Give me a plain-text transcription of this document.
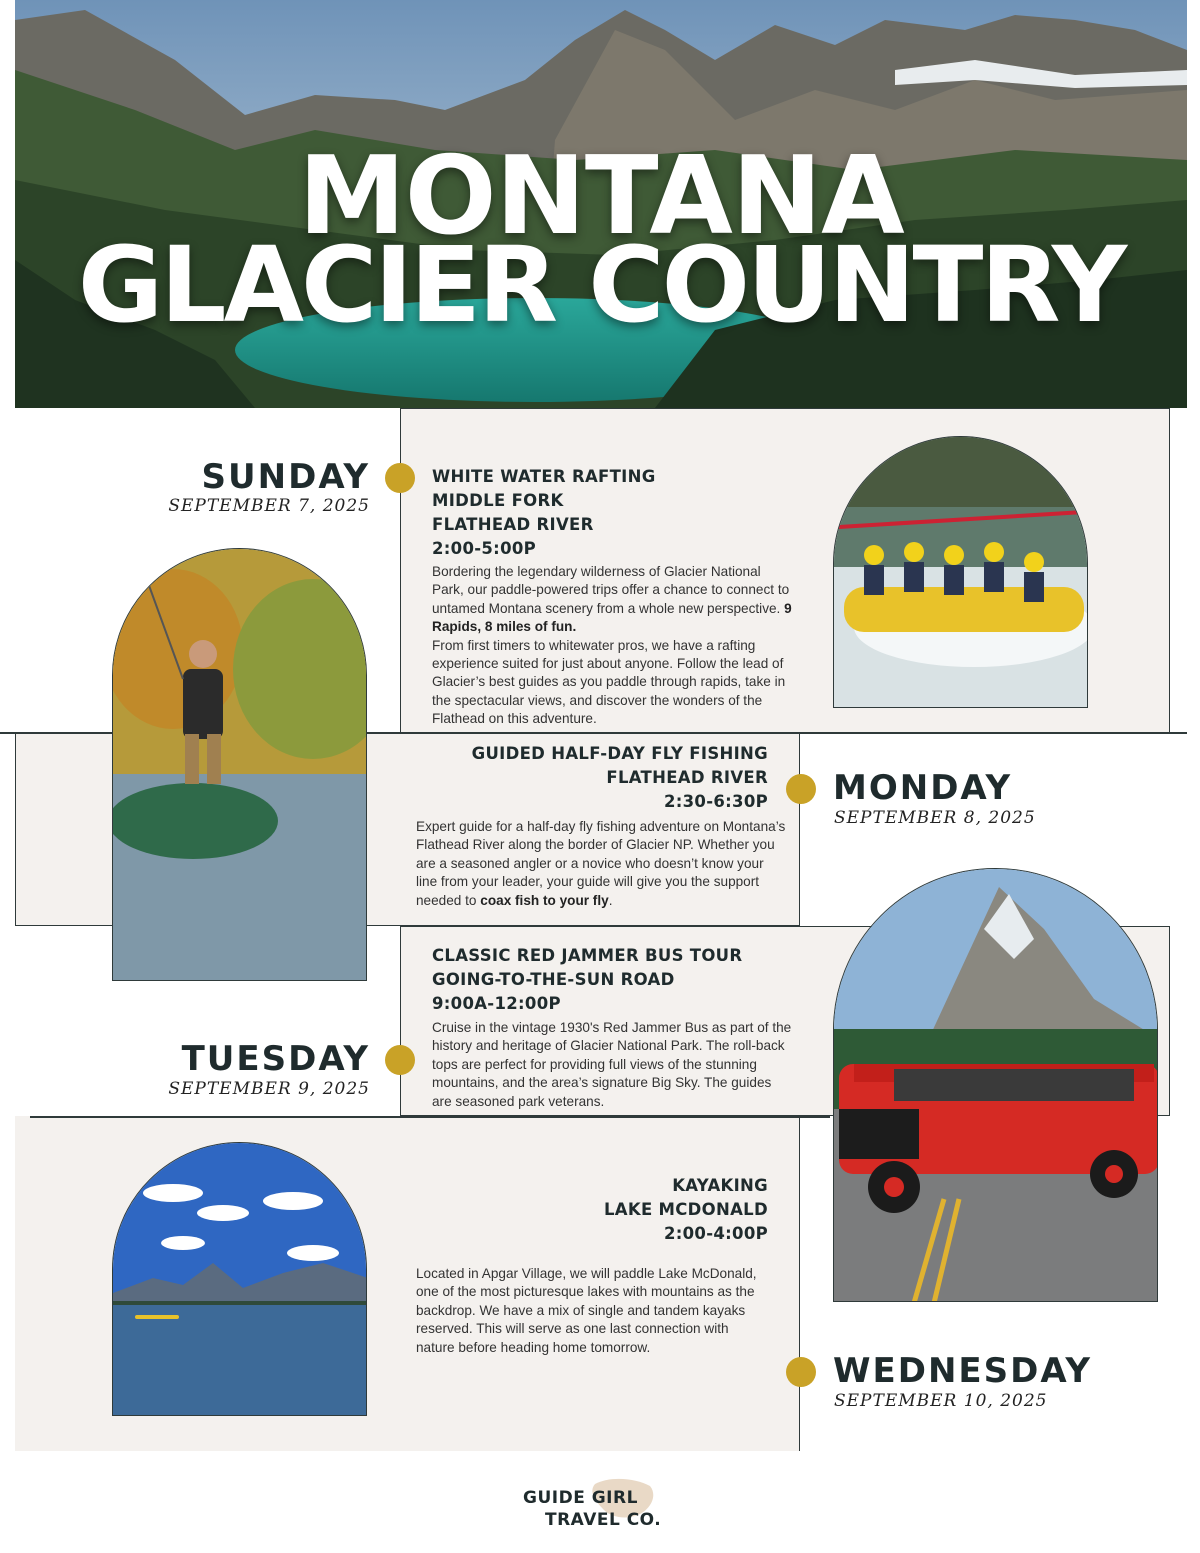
MONTANA
GLACIER COUNTRY
SUNDAY
SEPTEMBER 7, 2025
WHITE WATER RAFTING
MIDDLE FORK
FLATHEAD RIVER
2:00-5:00P
Bordering the legendary wilderness of Glacier National Park, our paddle-powered trips offer a chance to connect to untamed Montana scenery from a whole new perspective. 9 Rapids, 8 miles of fun.
From first timers to whitewater pros, we have a rafting experience suited for just about anyone. Follow the lead of Glacier’s best guides as you paddle through rapids, take in the spectacular views, and discover the wonders of the Flathead on this adventure.
GUIDED HALF-DAY FLY FISHING
FLATHEAD RIVER
2:30-6:30P MONDAY
SEPTEMBER 8, 2025
Expert guide for a half-day fly fishing adventure on Montana’s Flathead River along the border of Glacier NP. Whether you are a seasoned angler or a novice who doesn’t know your line from your leader, your guide will give you the support needed to coax fish to your fly.
CLASSIC RED JAMMER BUS TOUR
GOING-TO-THE-SUN ROAD
9:00A-12:00P
Cruise in the vintage 1930's Red Jammer Bus as part of the history and heritage of Glacier National Park. The roll-back tops are perfect for providing full views of the stunning mountains, and the area’s signature Big Sky. The guides are seasoned park veterans.
TUESDAY
SEPTEMBER 9, 2025
KAYAKING
LAKE MCDONALD
2:00-4:00P
Located in Apgar Village, we will paddle Lake McDonald, one of the most picturesque lakes with mountains as the backdrop. We have a mix of single and tandem kayaks reserved. This will serve as one last connection with nature before heading home tomorrow.
WEDNESDAY
SEPTEMBER 10, 2025
GUIDE GIRL
TRAVEL CO.
